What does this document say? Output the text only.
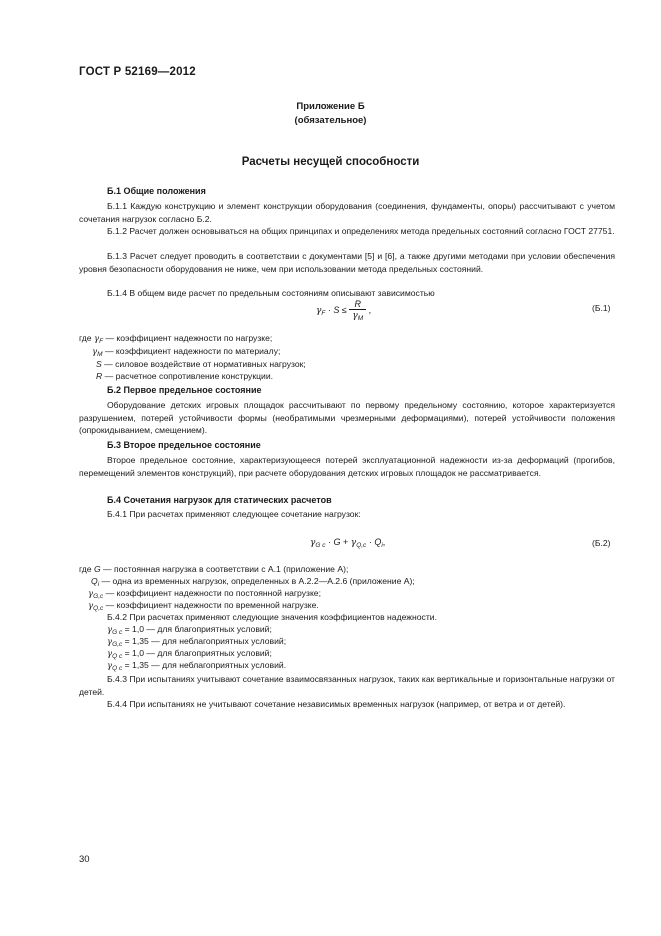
ГОСТ Р 52169—2012
Приложение Б
(обязательное)
Расчеты несущей способности
Б.1 Общие положения
Б.1.1 Каждую конструкцию и элемент конструкции оборудования (соединения, фундаменты, опоры) рассчитывают с учетом сочетания нагрузок согласно Б.2.
Б.1.2 Расчет должен основываться на общих принципах и определениях метода предельных состояний согласно ГОСТ 27751.
Б.1.3 Расчет следует проводить в соответствии с документами [5] и [6], а также другими методами при условии обеспечения уровня безопасности оборудования не ниже, чем при использовании метода предельных состояний.
Б.1.4 В общем виде расчет по предельным состояниям описывают зависимостью
$\gamma_F \cdot S \le \frac{R}{\gamma_M}$ ,	(Б.1)
где $\gamma_F$ — коэффициент надежности по нагрузке;
$\gamma_M$ — коэффициент надежности по материалу;
S — силовое воздействие от нормативных нагрузок;
R — расчетное сопротивление конструкции.
Б.2 Первое предельное состояние
Оборудование детских игровых площадок рассчитывают по первому предельному состоянию, которое характеризуется разрушением, потерей устойчивости формы (необратимыми чрезмерными деформациями), потерей устойчивости положения (опрокидыванием, смещением).
Б.3 Второе предельное состояние
Второе предельное состояние, характеризующееся потерей эксплуатационной надежности из-за деформаций (прогибов, перемещений элементов конструкций), при расчете оборудования детских игровых площадок не рассматривается.
Б.4 Сочетания нагрузок для статических расчетов
Б.4.1 При расчетах применяют следующее сочетание нагрузок:
$\gamma_{G c} \cdot G + \gamma_{Q,c} \cdot Q_i$,	(Б.2)
где G — постоянная нагрузка в соответствии с А.1 (приложение А);
$Q_i$ — одна из временных нагрузок, определенных в А.2.2—А.2.6 (приложение А);
$\gamma_{G,c}$ — коэффициент надежности по постоянной нагрузке;
$\gamma_{Q,c}$ — коэффициент надежности по временной нагрузке.
Б.4.2 При расчетах применяют следующие значения коэффициентов надежности.
$\gamma_{G c} = 1,0$ — для благоприятных условий;
$\gamma_{G,c} = 1,35$ — для неблагоприятных условий;
$\gamma_{Q c} = 1,0$ — для благоприятных условий;
$\gamma_{Q c} = 1,35$ — для неблагоприятных условий.
Б.4.3 При испытаниях учитывают сочетание взаимосвязанных нагрузок, таких как вертикальные и горизонтальные нагрузки от детей.
Б.4.4 При испытаниях не учитывают сочетание независимых временных нагрузок (например, от ветра и от детей).
30
